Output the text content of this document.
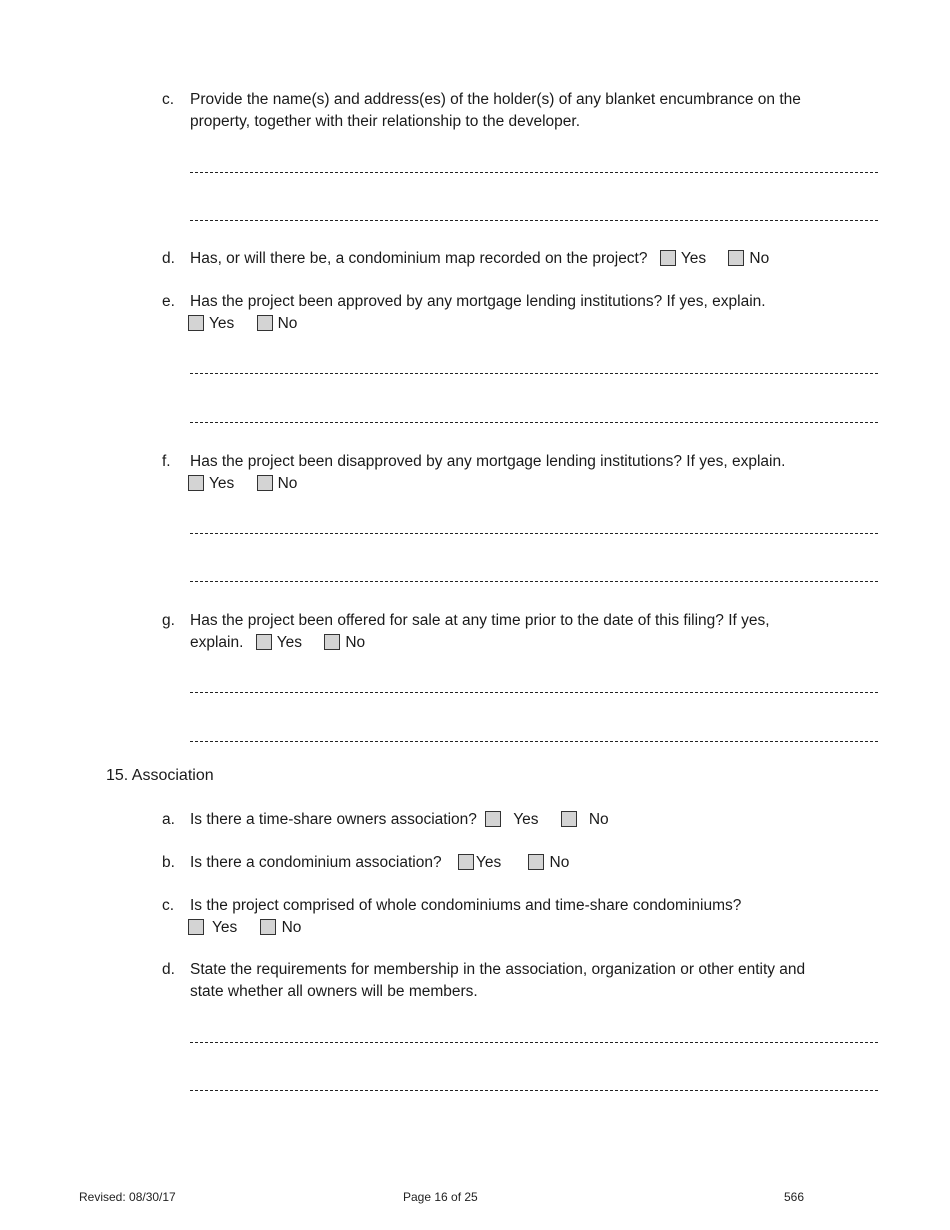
c.	Provide the name(s) and address(es) of the holder(s) of any blanket encumbrance on the
property, together with their relationship to the developer.
d. Has, or will there be, a condominium map recorded on the project? Yes	No
e. Has the project been approved by any mortgage lending institutions? If yes, explain.
Yes	No
f.	Has the project been disapproved by any mortgage lending institutions? If yes, explain.
Yes	No
g. Has the project been offered for sale at any time prior to the date of this filing? If yes,
explain. Yes	No
15. Association
a. Is there a time-share owners association? Yes	No
b. Is there a condominium association? Yes	No
c.	Is the project comprised of whole condominiums and time-share condominiums?
Yes	No
d. State the requirements for membership in the association, organization or other entity and
state whether all owners will be members.
Revised: 08/30/17	Page 16 of 25	566
